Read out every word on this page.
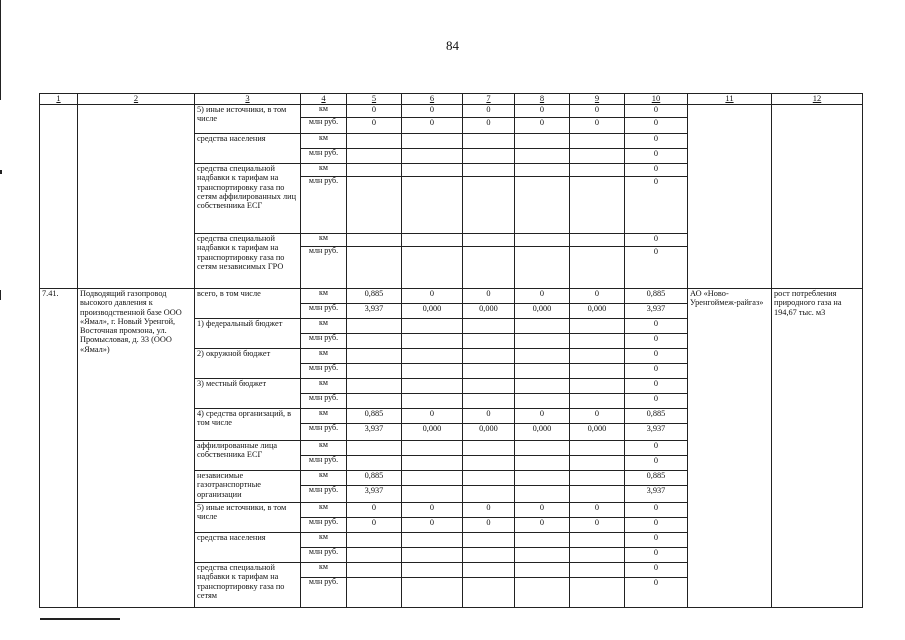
84
1	2	3	4	5	6	7	8	9	10	11	12
		5) иные источники, в том числе	км	0	0	0	0	0	0		
			млн руб.	0	0	0	0	0	0		
		средства населения	км						0		
			млн руб.						0		
		средства специальной надбавки к тарифам на транспортировку газа по сетям аффилированных лиц собственника ЕСГ	км						0		
			млн руб.						0		
		средства специальной надбавки к тарифам на транспортировку газа по сетям независимых ГРО	км						0		
			млн руб.						0		
7.41.	Подводящий газопровод высокого давления к производственной базе ООО «Ямал», г. Новый Уренгой, Восточная промзона, ул. Промысловая, д. 33 (ООО «Ямал»)	всего, в том числе	км	0,885	0	0	0	0	0,885	АО «Ново-Уренгоймеж-райгаз»	рост потребления природного газа на 194,67 тыс. м3
			млн руб.	3,937	0,000	0,000	0,000	0,000	3,937		
		1) федеральный бюджет	км						0		
			млн руб.						0		
		2) окружной бюджет	км						0		
			млн руб.						0		
		3) местный бюджет	км						0		
			млн руб.						0		
		4) средства организаций, в том числе	км	0,885	0	0	0	0	0,885		
			млн руб.	3,937	0,000	0,000	0,000	0,000	3,937		
		аффилированные лица собственника ЕСГ	км						0		
			млн руб.						0		
		независимые газотранспортные организации	км	0,885					0,885		
			млн руб.	3,937					3,937		
		5) иные источники, в том числе	км	0	0	0	0	0	0		
			млн руб.	0	0	0	0	0	0		
		средства населения	км						0		
			млн руб.						0		
		средства специальной надбавки к тарифам на транспортировку газа по сетям	км						0		
			млн руб.						0		
